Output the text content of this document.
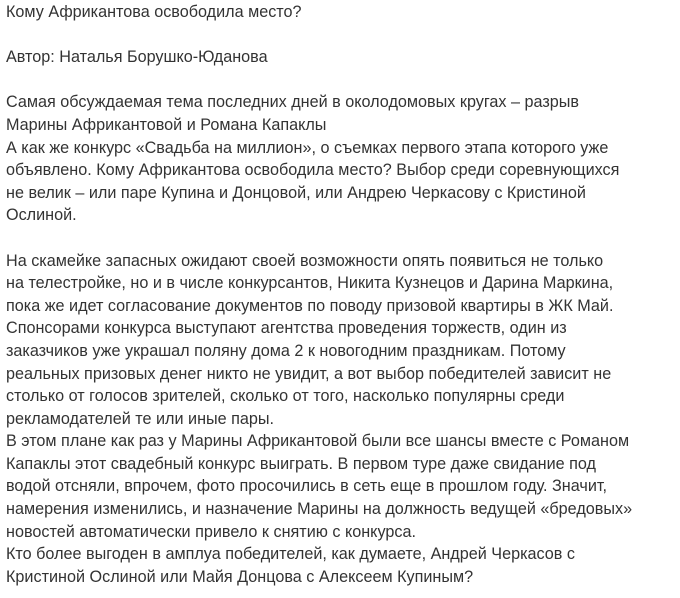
Кому Африкантова освободила место?
Автор: Наталья Борушко-Юданова
Самая обсуждаемая тема последних дней в околодомовых кругах – разрыв
Марины Африкантовой и Романа Капаклы
А как же конкурс «Свадьба на миллион», о съемках первого этапа которого уже
объявлено. Кому Африкантова освободила место? Выбор среди соревнующихся
не велик – или паре Купина и Донцовой, или Андрею Черкасову с Кристиной
Ослиной.
На скамейке запасных ожидают своей возможности опять появиться не только
на телестройке, но и в числе конкурсантов, Никита Кузнецов и Дарина Маркина,
пока же идет согласование документов по поводу призовой квартиры в ЖК Май.
Спонсорами конкурса выступают агентства проведения торжеств, один из
заказчиков уже украшал поляну дома 2 к новогодним праздникам. Потому
реальных призовых денег никто не увидит, а вот выбор победителей зависит не
столько от голосов зрителей, сколько от того, насколько популярны среди
рекламодателей те или иные пары.
В этом плане как раз у Марины Африкантовой были все шансы вместе с Романом
Капаклы этот свадебный конкурс выиграть. В первом туре даже свидание под
водой отсняли, впрочем, фото просочились в сеть еще в прошлом году. Значит,
намерения изменились, и назначение Марины на должность ведущей «бредовых»
новостей автоматически привело к снятию с конкурса.
Кто более выгоден в амплуа победителей, как думаете, Андрей Черкасов с
Кристиной Ослиной или Майя Донцова с Алексеем Купиным?
